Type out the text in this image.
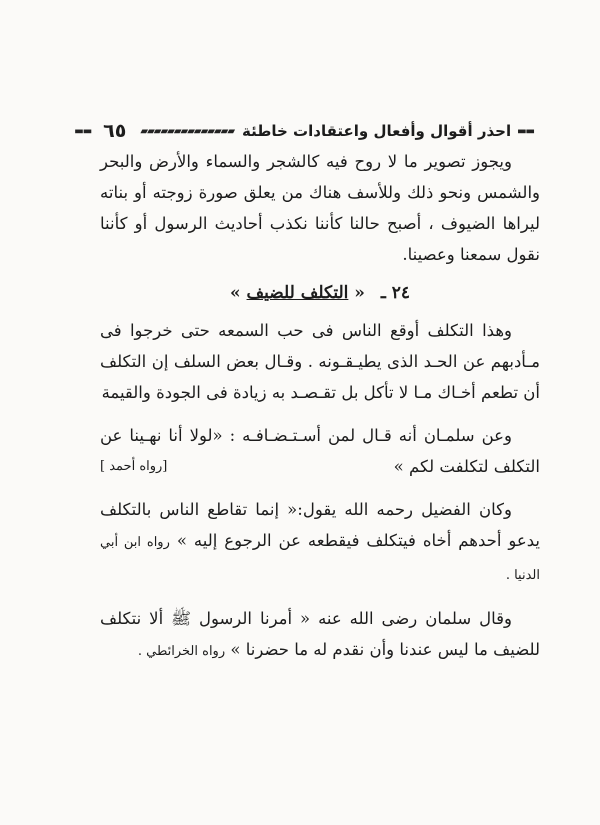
▬▬
احذر أقوال وأفعال واعتقادات خاطئة
▰▰▰▰▰▰▰▰▰▰▰▰▰▰
٦٥
▬▬

ويجوز تصوير ما لا روح فيه كالشجر والسماء والأرض والبحر والشمس ونحو ذلك وللأسف هناك من يعلق صورة زوجته أو بناته ليراها الضيوف ، أصبح حالنا كأننا نكذب أحاديث الرسول أو كأننا نقول سمعنا وعصينا.

٢٤ ـ « التكلف للضيف »

وهذا التكلف أوقع الناس فى حب السمعه حتى خرجوا فى مـأدبهم عن الحـد الذى يطيـقـونه . وقـال بعض السلف إن التكلف أن تطعم أخـاك مـا لا تأكل بل تقـصـد به زيادة فى الجودة والقيمة

وعن سلمـان أنه قـال لمن أسـتـضـافـه : «لولا أنا نهـينا عن التكلف لتكلفت لكم »
[رواه أحمد ]

وكان الفضيل رحمه الله يقول:« إنما تقاطع الناس بالتكلف يدعو أحدهم أخاه فيتكلف فيقطعه عن الرجوع إليه » رواه ابن أبي الدنيا .

وقال سلمان رضى الله عنه « أمرنا الرسول ﷺ ألا نتكلف للضيف ما ليس عندنا وأن نقدم له ما حضرنا » رواه الخرائطي .
